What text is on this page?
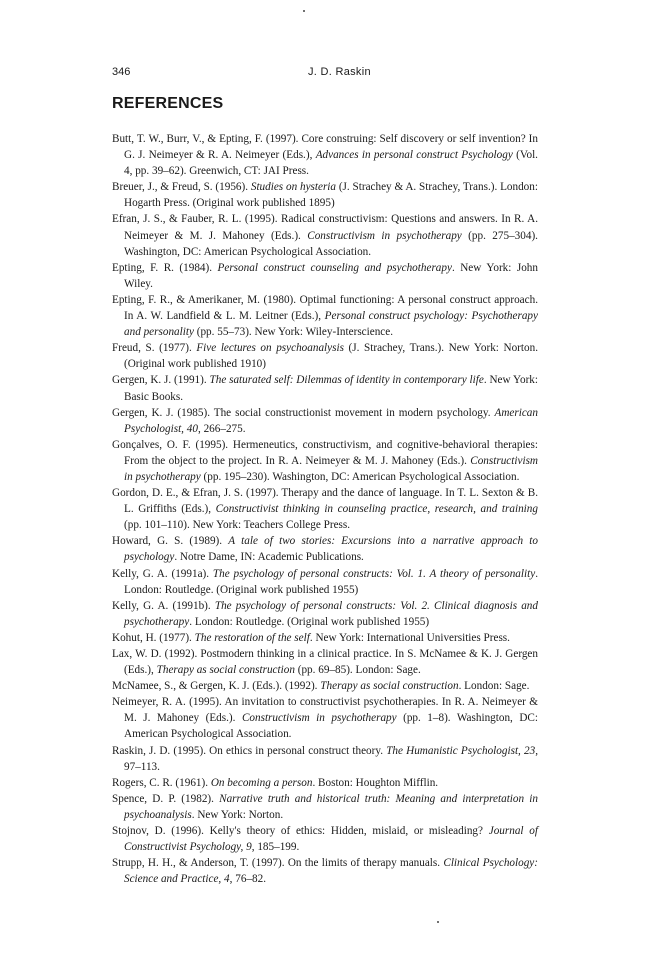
346	J. D. Raskin
REFERENCES

Butt, T. W., Burr, V., & Epting, F. (1997). Core construing: Self discovery or self invention? In G. J. Neimeyer & R. A. Neimeyer (Eds.), Advances in personal construct Psychology (Vol. 4, pp. 39–62). Greenwich, CT: JAI Press.

Breuer, J., & Freud, S. (1956). Studies on hysteria (J. Strachey & A. Strachey, Trans.). London: Hogarth Press. (Original work published 1895)

Efran, J. S., & Fauber, R. L. (1995). Radical constructivism: Questions and answers. In R. A. Neimeyer & M. J. Mahoney (Eds.). Constructivism in psychotherapy (pp. 275–304). Washington, DC: American Psychological Association.

Epting, F. R. (1984). Personal construct counseling and psychotherapy. New York: John Wiley.

Epting, F. R., & Amerikaner, M. (1980). Optimal functioning: A personal construct approach. In A. W. Landfield & L. M. Leitner (Eds.), Personal construct psychology: Psychotherapy and personality (pp. 55–73). New York: Wiley-Interscience.

Freud, S. (1977). Five lectures on psychoanalysis (J. Strachey, Trans.). New York: Norton. (Original work published 1910)

Gergen, K. J. (1991). The saturated self: Dilemmas of identity in contemporary life. New York: Basic Books.

Gergen, K. J. (1985). The social constructionist movement in modern psychology. American Psychologist, 40, 266–275.

Gonçalves, O. F. (1995). Hermeneutics, constructivism, and cognitive-behavioral therapies: From the object to the project. In R. A. Neimeyer & M. J. Mahoney (Eds.). Constructivism in psychotherapy (pp. 195–230). Washington, DC: American Psychological Association.

Gordon, D. E., & Efran, J. S. (1997). Therapy and the dance of language. In T. L. Sexton & B. L. Griffiths (Eds.), Constructivist thinking in counseling practice, research, and training (pp. 101–110). New York: Teachers College Press.

Howard, G. S. (1989). A tale of two stories: Excursions into a narrative approach to psychology. Notre Dame, IN: Academic Publications.

Kelly, G. A. (1991a). The psychology of personal constructs: Vol. 1. A theory of personality. London: Routledge. (Original work published 1955)

Kelly, G. A. (1991b). The psychology of personal constructs: Vol. 2. Clinical diagnosis and psychotherapy. London: Routledge. (Original work published 1955)

Kohut, H. (1977). The restoration of the self. New York: International Universities Press.

Lax, W. D. (1992). Postmodern thinking in a clinical practice. In S. McNamee & K. J. Gergen (Eds.), Therapy as social construction (pp. 69–85). London: Sage.

McNamee, S., & Gergen, K. J. (Eds.). (1992). Therapy as social construction. London: Sage.

Neimeyer, R. A. (1995). An invitation to constructivist psychotherapies. In R. A. Neimeyer & M. J. Mahoney (Eds.). Constructivism in psychotherapy (pp. 1–8). Washington, DC: American Psychological Association.

Raskin, J. D. (1995). On ethics in personal construct theory. The Humanistic Psychologist, 23, 97–113.

Rogers, C. R. (1961). On becoming a person. Boston: Houghton Mifflin.

Spence, D. P. (1982). Narrative truth and historical truth: Meaning and interpretation in psychoanalysis. New York: Norton.

Stojnov, D. (1996). Kelly's theory of ethics: Hidden, mislaid, or misleading? Journal of Constructivist Psychology, 9, 185–199.

Strupp, H. H., & Anderson, T. (1997). On the limits of therapy manuals. Clinical Psychology: Science and Practice, 4, 76–82.
